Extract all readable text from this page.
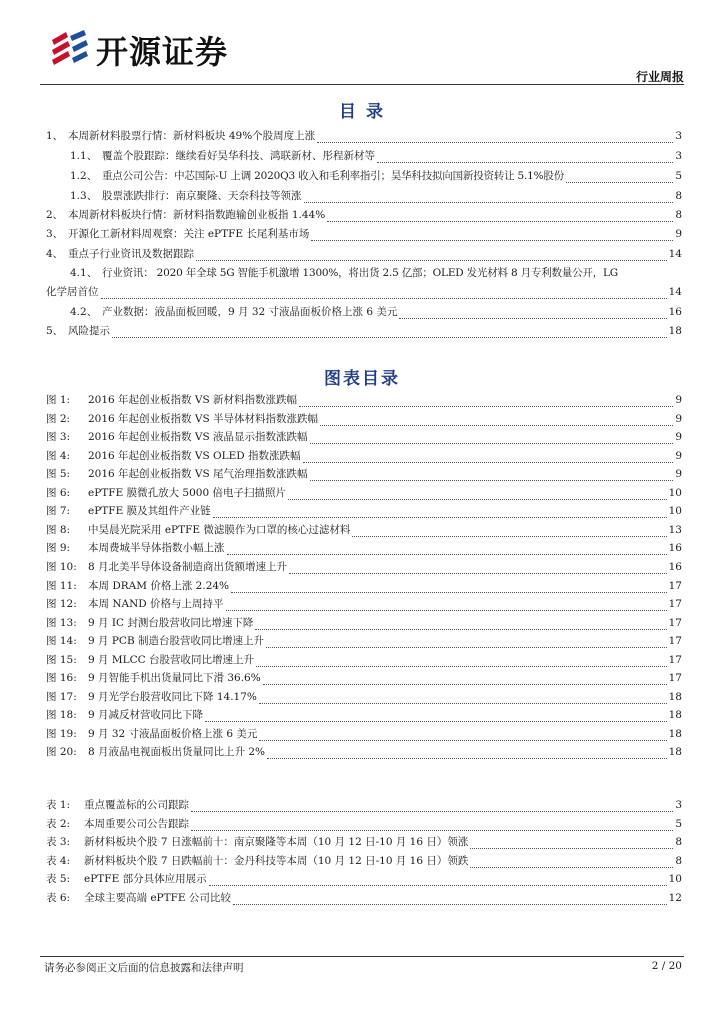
开源证券
行业周报
目 录
1、 本周新材料股票行情：新材料板块 49%个股周度上涨	3
1.1、 覆盖个股跟踪：继续看好昊华科技、鸿联新材、彤程新材等	3
1.2、 重点公司公告：中芯国际-U 上调 2020Q3 收入和毛利率指引；昊华科技拟向国新投资转让 5.1%股份	5
1.3、 股票涨跌排行：南京聚隆、天奈科技等领涨	8
2、 本周新材料板块行情：新材料指数跑输创业板指 1.44%	8
3、 开源化工新材料周观察：关注 ePTFE 长尾利基市场	9
4、 重点子行业资讯及数据跟踪	14
4.1、 行业资讯： 2020 年全球 5G 智能手机激增 1300%，将出货 2.5 亿部；OLED 发光材料 8 月专利数量公开，LG
化学居首位	14
4.2、 产业数据：液晶面板回暖，9 月 32 寸液晶面板价格上涨 6 美元	16
5、 风险提示	18
图表目录
图 1:	2016 年起创业板指数 VS 新材料指数涨跌幅	9
图 2:	2016 年起创业板指数 VS 半导体材料指数涨跌幅	9
图 3:	2016 年起创业板指数 VS 液晶显示指数涨跌幅	9
图 4:	2016 年起创业板指数 VS OLED 指数涨跌幅	9
图 5:	2016 年起创业板指数 VS 尾气治理指数涨跌幅	9
图 6:	ePTFE 膜微孔放大 5000 倍电子扫描照片	10
图 7:	ePTFE 膜及其组件产业链	10
图 8:	中昊晨光院采用 ePTFE 微滤膜作为口罩的核心过滤材料	13
图 9:	本周费城半导体指数小幅上涨	16
图 10:	8 月北美半导体设备制造商出货额增速上升	16
图 11:	本周 DRAM 价格上涨 2.24%	17
图 12:	本周 NAND 价格与上周持平	17
图 13:	9 月 IC 封测台股营收同比增速下降	17
图 14:	9 月 PCB 制造台股营收同比增速上升	17
图 15:	9 月 MLCC 台股营收同比增速上升	17
图 16:	9 月智能手机出货量同比下滑 36.6%	17
图 17:	9 月光学台股营收同比下降 14.17%	18
图 18:	9 月减反材营收同比下降	18
图 19:	9 月 32 寸液晶面板价格上涨 6 美元	18
图 20:	8 月液晶电视面板出货量同比上升 2%	18
表 1:	重点覆盖标的公司跟踪	3
表 2:	本周重要公司公告跟踪	5
表 3:	新材料板块个股 7 日涨幅前十：南京聚隆等本周（10 月 12 日-10 月 16 日）领涨	8
表 4:	新材料板块个股 7 日跌幅前十：金丹科技等本周（10 月 12 日-10 月 16 日）领跌	8
表 5:	ePTFE 部分具体应用展示	10
表 6:	全球主要高端 ePTFE 公司比较	12
请务必参阅正文后面的信息披露和法律声明	2 / 20
